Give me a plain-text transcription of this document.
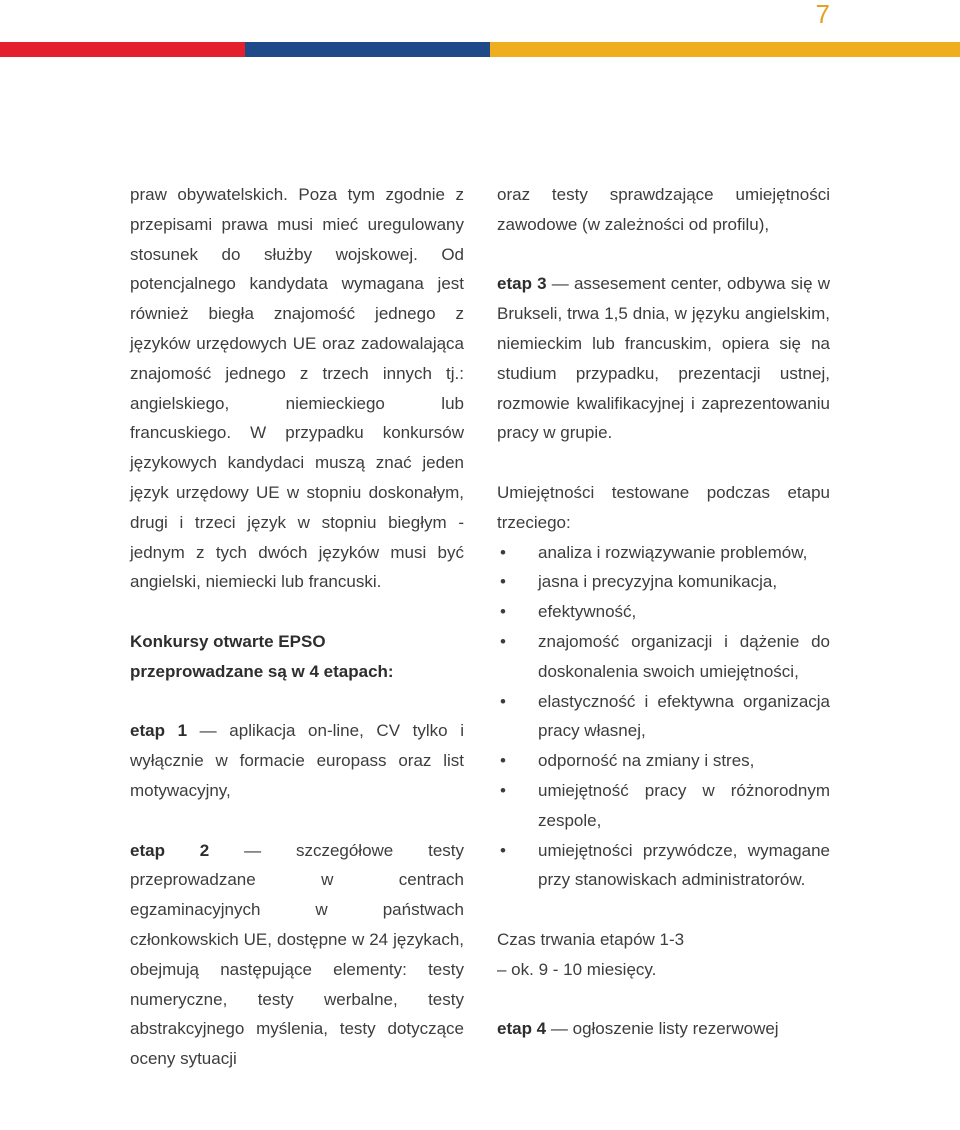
7

praw obywatelskich. Poza tym zgodnie z przepisami prawa musi mieć uregulowany stosunek do służby wojskowej. Od potencjalnego kandydata wymagana jest również biegła znajomość jednego z języków urzędowych UE oraz zadowalająca znajomość jednego z trzech innych tj.: angielskiego, niemieckiego lub francuskiego. W przypadku konkursów językowych kandydaci muszą znać jeden język urzędowy UE w stopniu doskonałym, drugi i trzeci język w stopniu biegłym - jednym z tych dwóch języków musi być angielski, niemiecki lub francuski.

Konkursy otwarte EPSO
przeprowadzane są w 4 etapach:

etap 1 — aplikacja on-line, CV tylko i wyłącznie w formacie europass oraz list motywacyjny,

etap 2 — szczegółowe testy przeprowadzane w centrach egzaminacyjnych w państwach członkowskich UE, dostępne w 24 językach, obejmują następujące elementy: testy numeryczne, testy werbalne, testy abstrakcyjnego myślenia, testy dotyczące oceny sytuacji

oraz testy sprawdzające umiejętności zawodowe (w zależności od profilu),

etap 3 — assesement center, odbywa się w Brukseli, trwa 1,5 dnia, w języku angielskim, niemieckim lub francuskim, opiera się na studium przypadku, prezentacji ustnej, rozmowie kwalifikacyjnej i zaprezentowaniu pracy w grupie.

Umiejętności testowane podczas etapu trzeciego:

• analiza i rozwiązywanie problemów,
• jasna i precyzyjna komunikacja,
• efektywność,
• znajomość organizacji i dążenie do doskonalenia swoich umiejętności,
• elastyczność i efektywna organizacja pracy własnej,
• odporność na zmiany i stres,
• umiejętność pracy w różnorodnym zespole,
• umiejętności przywódcze, wymagane przy stanowiskach administratorów.

Czas trwania etapów 1-3
– ok. 9 - 10 miesięcy.

etap 4 — ogłoszenie listy rezerwowej
